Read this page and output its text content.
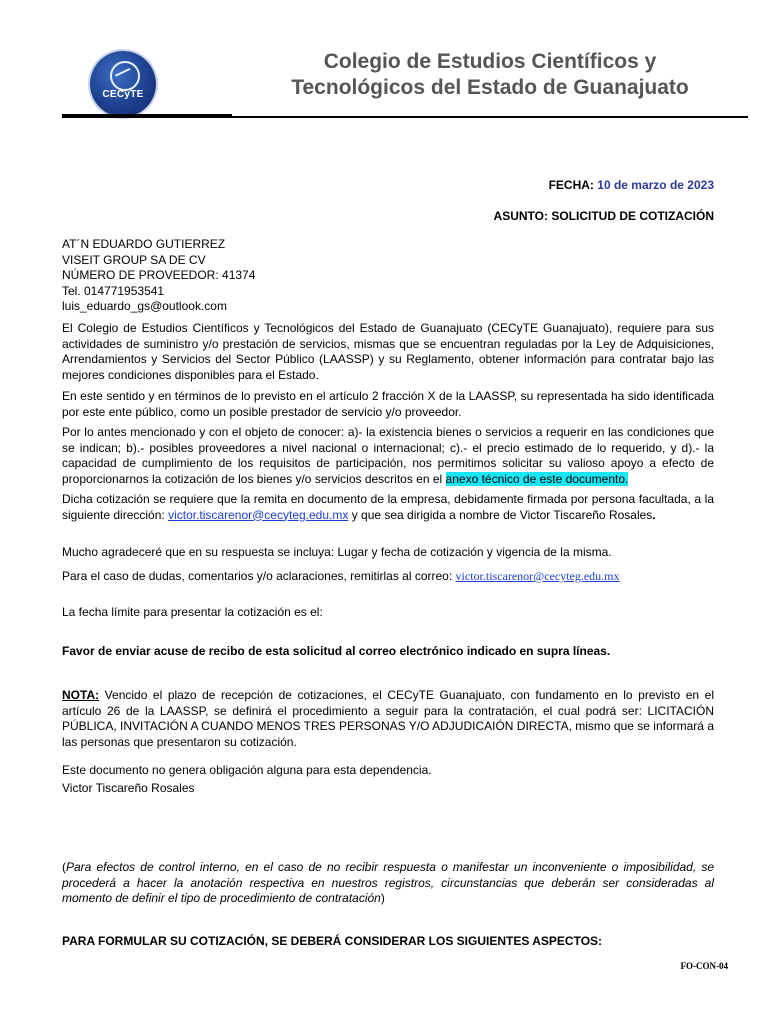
CECyTE
Colegio de Estudios Científicos y
Tecnológicos del Estado de Guanajuato
FECHA: 10 de marzo de 2023
ASUNTO: SOLICITUD DE COTIZACIÓN
AT´N EDUARDO GUTIERREZ
VISEIT GROUP SA DE CV
NÚMERO DE PROVEEDOR: 41374
Tel. 014771953541
luis_eduardo_gs@outlook.com

El Colegio de Estudios Científicos y Tecnológicos del Estado de Guanajuato (CECyTE Guanajuato), requiere para sus actividades de suministro y/o prestación de servicios, mismas que se encuentran reguladas por la Ley de Adquisiciones, Arrendamientos y Servicios del Sector Público (LAASSP) y su Reglamento, obtener información para contratar bajo las mejores condiciones disponibles para el Estado.

En este sentido y en términos de lo previsto en el artículo 2 fracción X de la LAASSP, su representada ha sido identificada por este ente público, como un posible prestador de servicio y/o proveedor.

Por lo antes mencionado y con el objeto de conocer: a)- la existencia bienes o servicios a requerir en las condiciones que se indican; b).- posibles proveedores a nivel nacional o internacional; c).- el precio estimado de lo requerido, y d).- la capacidad de cumplimiento de los requisitos de participación, nos permitimos solicitar su valioso apoyo a efecto de proporcionarnos la cotización de los bienes y/o servicios descritos en el anexo técnico de este documento.

Dicha cotización se requiere que la remita en documento de la empresa, debidamente firmada por persona facultada, a la siguiente dirección: victor.tiscarenor@cecyteg.edu.mx y que sea dirigida a nombre de Victor Tiscareño Rosales.

Mucho agradeceré que en su respuesta se incluya: Lugar y fecha de cotización y vigencia de la misma.

Para el caso de dudas, comentarios y/o aclaraciones, remitirlas al correo: victor.tiscarenor@cecyteg.edu.mx

La fecha límite para presentar la cotización es el:

Favor de enviar acuse de recibo de esta solicitud al correo electrónico indicado en supra líneas.

NOTA: Vencido el plazo de recepción de cotizaciones, el CECyTE Guanajuato, con fundamento en lo previsto en el artículo 26 de la LAASSP, se definirá el procedimiento a seguir para la contratación, el cual podrá ser: LICITACIÓN PÚBLICA, INVITACIÓN A CUANDO MENOS TRES PERSONAS Y/O ADJUDICAIÓN DIRECTA, mismo que se informará a las personas que presentaron su cotización.

Este documento no genera obligación alguna para esta dependencia.

Victor Tiscareño Rosales

(Para efectos de control interno, en el caso de no recibir respuesta o manifestar un inconveniente o imposibilidad, se procederá a hacer la anotación respectiva en nuestros registros, circunstancias que deberán ser consideradas al momento de definir el tipo de procedimiento de contratación)

PARA FORMULAR SU COTIZACIÓN, SE DEBERÁ CONSIDERAR LOS SIGUIENTES ASPECTOS:

FO-CON-04
